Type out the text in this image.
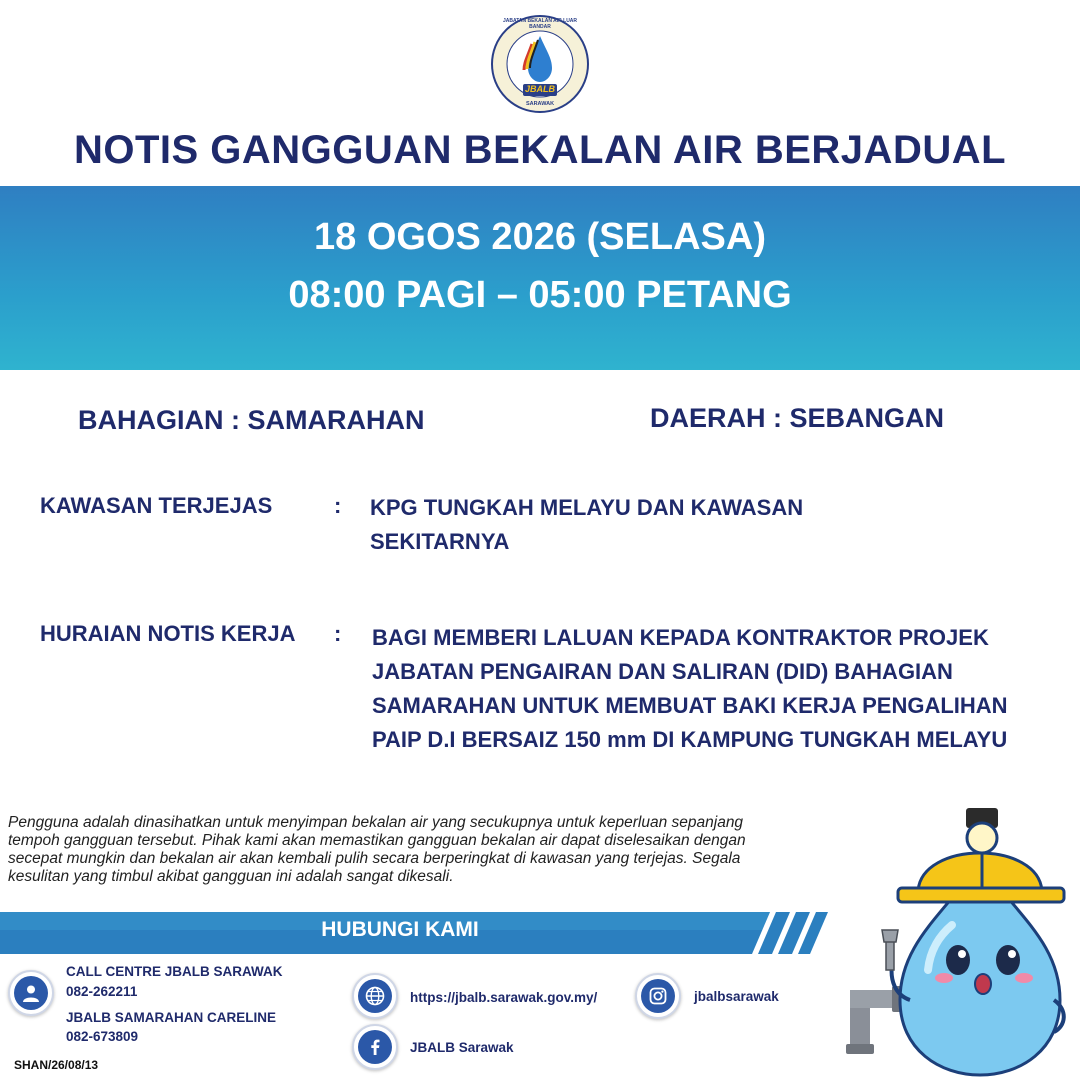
JBALB
JABATAN BEKALAN AIR LUAR BANDAR
SARAWAK
NOTIS GANGGUAN BEKALAN AIR BERJADUAL
18 OGOS 2026 (SELASA)
08:00 PAGI – 05:00 PETANG
BAHAGIAN : SAMARAHAN	DAERAH : SEBANGAN
KAWASAN TERJEJAS	: KPG TUNGKAH MELAYU DAN KAWASAN SEKITARNYA
HURAIAN NOTIS KERJA : BAGI MEMBERI LALUAN KEPADA KONTRAKTOR PROJEK JABATAN PENGAIRAN DAN SALIRAN (DID) BAHAGIAN SAMARAHAN UNTUK MEMBUAT BAKI KERJA PENGALIHAN PAIP D.I BERSAIZ 150 mm DI KAMPUNG TUNGKAH MELAYU
Pengguna adalah dinasihatkan untuk menyimpan bekalan air yang secukupnya untuk keperluan sepanjang tempoh gangguan tersebut. Pihak kami akan memastikan gangguan bekalan air dapat diselesaikan dengan secepat mungkin dan bekalan air akan kembali pulih secara berperingkat di kawasan yang terjejas. Segala kesulitan yang timbul akibat gangguan ini adalah sangat dikesali.
HUBUNGI KAMI
CALL CENTRE JBALB SARAWAK
082-262211
JBALB SAMARAHAN CARELINE
082-673809
https://jbalb.sarawak.gov.my/	jbalbsarawak
JBALB Sarawak
SHAN/26/08/13
